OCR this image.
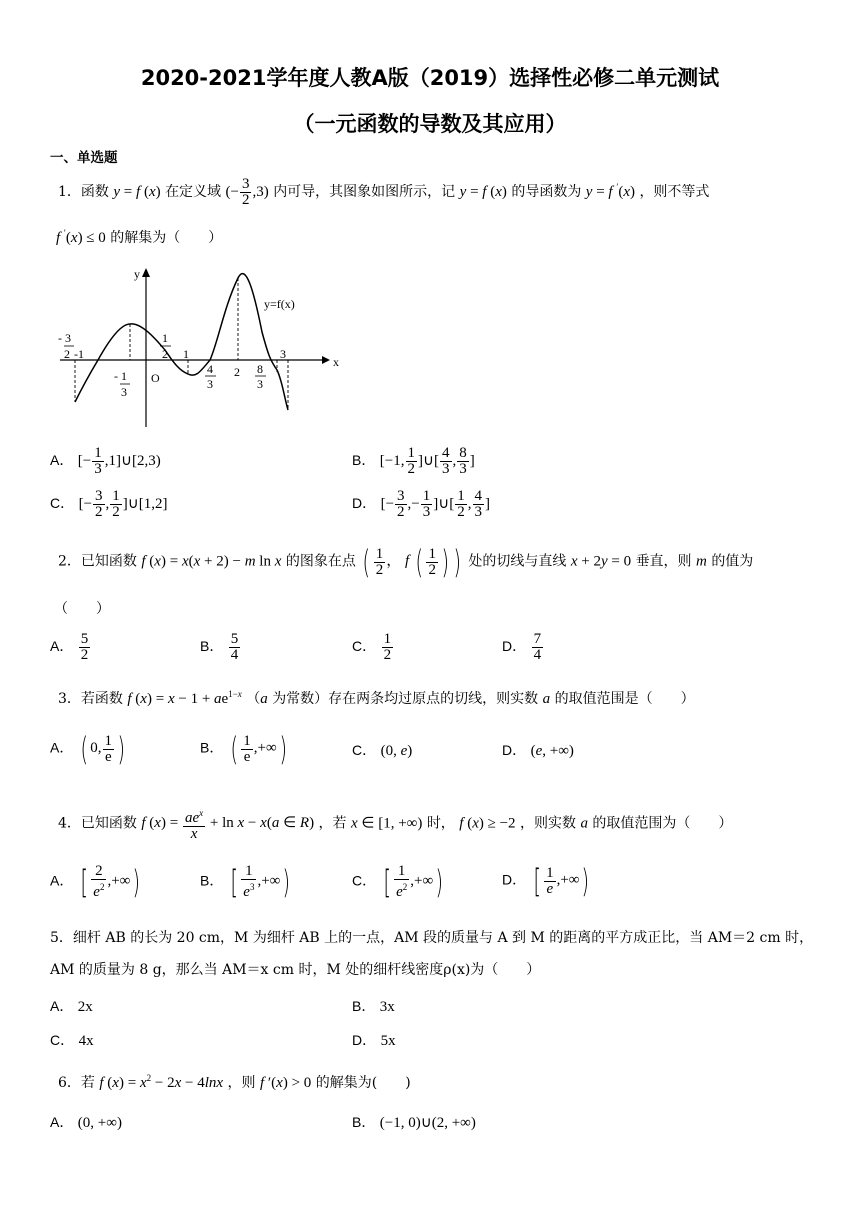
2020-2021学年度人教A版（2019）选择性必修二单元测试
（一元函数的导数及其应用）
一、单选题
1．函数 y = f (x) 在定义域 (− $\frac{3}{2} ,3$) 内可导，其图象如图所示，记 y = f (x) 的导函数为 y = f ′(x) ，则不等式
f ′(x) ≤ 0 的解集为（　　）
x
y
O
y=f(x)
- 3
2 -1
- 1
3
1
2 1
4
3
2 8
3
3
A． [− $\frac{1}{3}$ ,1]∪[2,3)	B． [−1, $\frac{1}{2}$ ]∪[ $\frac{4}{3}$ , $\frac{8}{3}$ ]
C． [− $\frac{3}{2}$ , $\frac{1}{2}$ ]∪[1,2]	D． [− $\frac{3}{2}$ ,− $\frac{1}{3}$ ]∪[ $\frac{1}{2}$ , $\frac{4}{3}$ ]
2．已知函数 f (x) = x(x + 2) − m ln x 的图象在点 ( $\frac{1}{2}$ ， f ( $\frac{1}{2}$ ) ) 处的切线与直线 x + 2y = 0 垂直，则 m 的值为
（　　）
A． $\frac{5}{2}$	B． $\frac{5}{4}$	C． $\frac{1}{2}$	D． $\frac{7}{4}$
3．若函数 f $(x) = x - 1 + ae^{1-x}$ （a 为常数）存在两条均过原点的切线，则实数 a 的取值范围是（　　）
A． ( 0, $\frac{1}{e}$ )	B． ( $\frac{1}{e}$ ,+∞)	C． (0, e)	D． (e, +∞)
4．已知函数 f $(x) = \frac{ae^x}{x} + \ln x - x(a$ ∈ R) ，若 x ∈ [1, +∞) 时， f (x) ≥ −2 ，则实数 a 的取值范围为（　　）
A． [ $\frac{2}{e^2}$ ,+∞)	B． [ $\frac{1}{e^3}$ ,+∞)	C． [ $\frac{1}{e^2}$ ,+∞)	D． [ $\frac{1}{e}$ ,+∞)
5．细杆 AB 的长为 20 cm，M 为细杆 AB 上的一点，AM 段的质量与 A 到 M 的距离的平方成正比，当 AM＝2 cm 时，
AM 的质量为 8 g，那么当 AM＝x cm 时，M 处的细杆线密度ρ(x)为（　　）
A． 2x	B． 3x
C． 4x	D． 5x
6．若 f $(x) = x^2 - 2x - 4\ln x$ ，则 f ′(x) > 0 的解集为(　　)
A． (0, +∞)	B． (−1, 0)∪(2, +∞)
